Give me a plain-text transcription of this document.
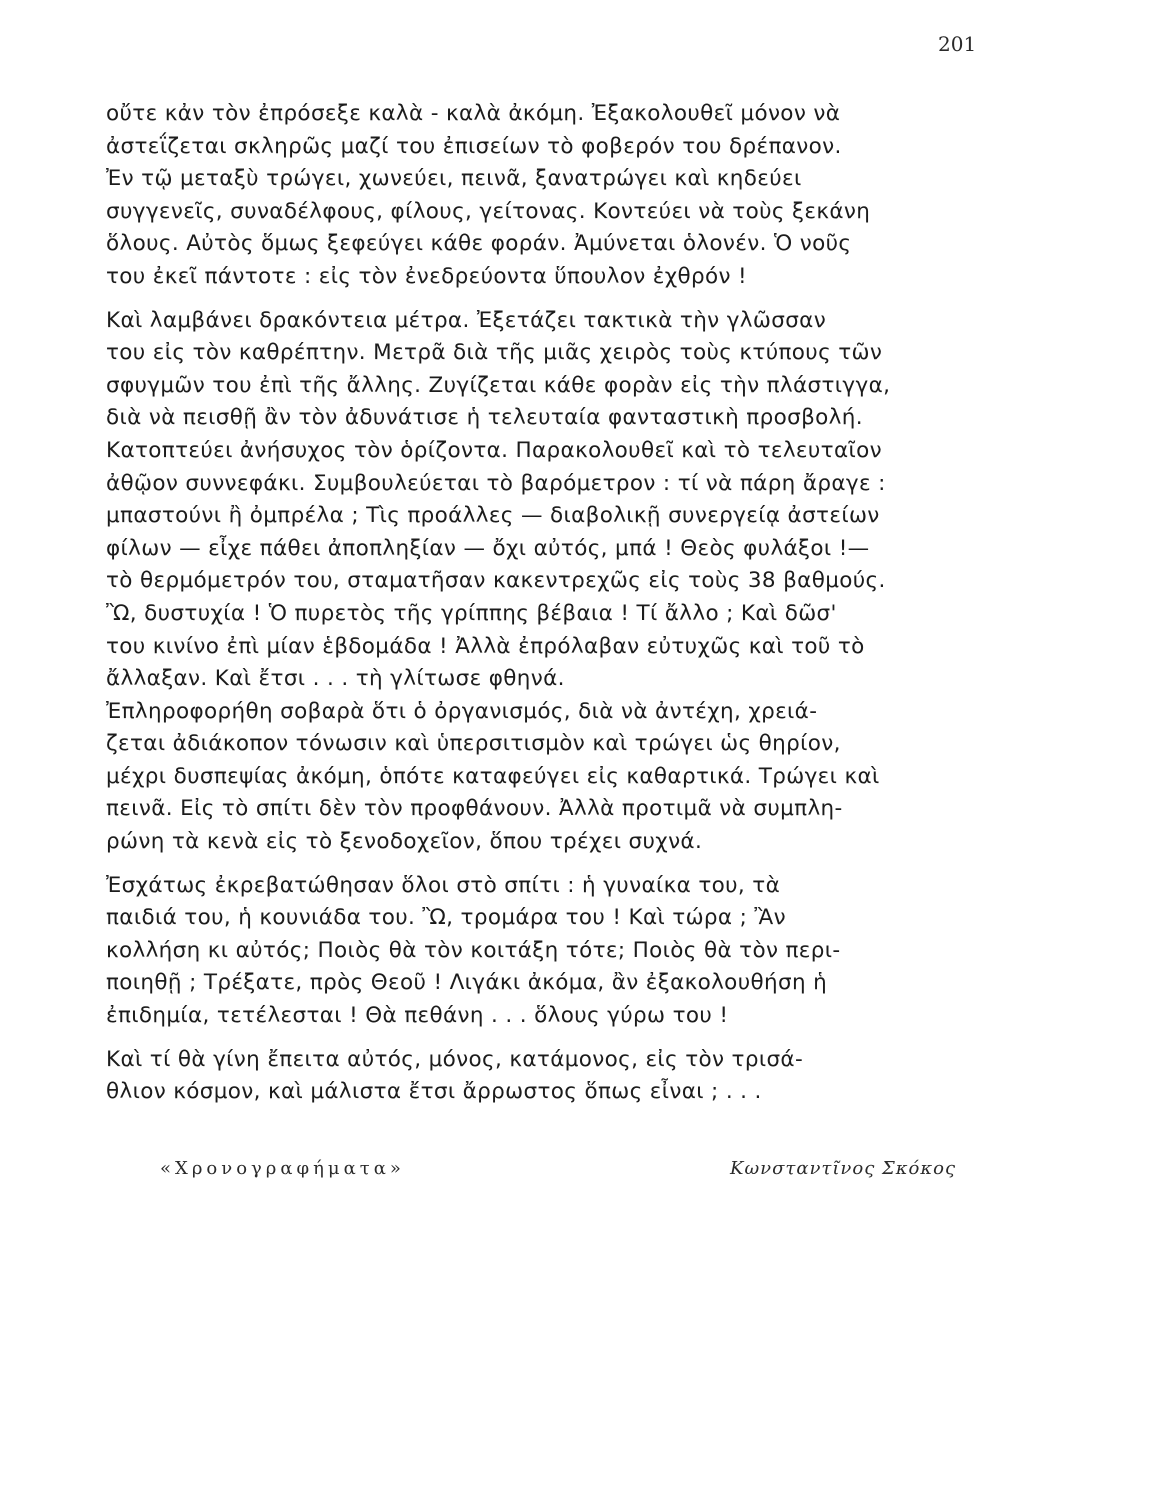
201
οὔτε κἀν τὸν ἐπρόσεξε καλὰ - καλὰ ἀκόμη. Ἐξακολουθεῖ μόνον νὰ
ἀστεΐζεται σκληρῶς μαζί του ἐπισείων τὸ φοβερόν του δρέπανον.
Ἐν τῷ μεταξὺ τρώγει, χωνεύει, πεινᾶ, ξανατρώγει καὶ κηδεύει
συγγενεῖς, συναδέλφους, φίλους, γείτονας. Κοντεύει νὰ τοὺς ξεκάνη
ὅλους. Αὐτὸς ὅμως ξεφεύγει κάθε φοράν. Ἀμύνεται ὁλονέν. Ὁ νοῦς
του ἐκεῖ πάντοτε : εἰς τὸν ἐνεδρεύοντα ὕπουλον ἐχθρόν !
Καὶ λαμβάνει δρακόντεια μέτρα. Ἐξετάζει τακτικὰ τὴν γλῶσσαν
του εἰς τὸν καθρέπτην. Μετρᾶ διὰ τῆς μιᾶς χειρὸς τοὺς κτύπους τῶν
σφυγμῶν του ἐπὶ τῆς ἄλλης. Ζυγίζεται κάθε φορὰν εἰς τὴν πλάστιγγα,
διὰ νὰ πεισθῇ ἂν τὸν ἀδυνάτισε ἡ τελευταία φανταστικὴ προσβολή.
Κατοπτεύει ἀνήσυχος τὸν ὁρίζοντα. Παρακολουθεῖ καὶ τὸ τελευταῖον
ἀθῷον συννεφάκι. Συμβουλεύεται τὸ βαρόμετρον : τί νὰ πάρη ἄραγε :
μπαστούνι ἢ ὀμπρέλα ; Τὶς προάλλες — διαβολικῇ συνεργείᾳ ἀστείων
φίλων — εἶχε πάθει ἀποπληξίαν — ὄχι αὐτός, μπά ! Θεὸς φυλάξοι !—
τὸ θερμόμετρόν του, σταματῆσαν κακεντρεχῶς εἰς τοὺς 38 βαθμούς.
Ὢ, δυστυχία ! Ὁ πυρετὸς τῆς γρίππης βέβαια ! Τί ἄλλο ; Καὶ δῶσ'
του κινίνο ἐπὶ μίαν ἑβδομάδα ! Ἀλλὰ ἐπρόλαβαν εὐτυχῶς καὶ τοῦ τὸ
ἄλλαξαν. Καὶ ἔτσι . . . τὴ γλίτωσε φθηνά.
Ἐπληροφορήθη σοβαρὰ ὅτι ὁ ὀργανισμός, διὰ νὰ ἀντέχη, χρειά-
ζεται ἀδιάκοπον τόνωσιν καὶ ὑπερσιτισμὸν καὶ τρώγει ὡς θηρίον,
μέχρι δυσπεψίας ἀκόμη, ὁπότε καταφεύγει εἰς καθαρτικά. Τρώγει καὶ
πεινᾶ. Εἰς τὸ σπίτι δὲν τὸν προφθάνουν. Ἀλλὰ προτιμᾶ νὰ συμπλη-
ρώνη τὰ κενὰ εἰς τὸ ξενοδοχεῖον, ὅπου τρέχει συχνά.
Ἐσχάτως ἐκρεβατώθησαν ὅλοι στὸ σπίτι : ἡ γυναίκα του, τὰ
παιδιά του, ἡ κουνιάδα του. Ὢ, τρομάρα του ! Καὶ τώρα ; Ἂν
κολλήση κι αὐτός; Ποιὸς θὰ τὸν κοιτάξη τότε; Ποιὸς θὰ τὸν περι-
ποιηθῇ ; Τρέξατε, πρὸς Θεοῦ ! Λιγάκι ἀκόμα, ἂν ἐξακολουθήση ἡ
ἐπιδημία, τετέλεσται ! Θὰ πεθάνη . . . ὅλους γύρω του !
Καὶ τί θὰ γίνη ἔπειτα αὐτός, μόνος, κατάμονος, εἰς τὸν τρισά-
θλιον κόσμον, καὶ μάλιστα ἔτσι ἄρρωστος ὅπως εἶναι ; . . .
«Χρονογραφήματα»	Κωνσταντῖνος Σκόκος
